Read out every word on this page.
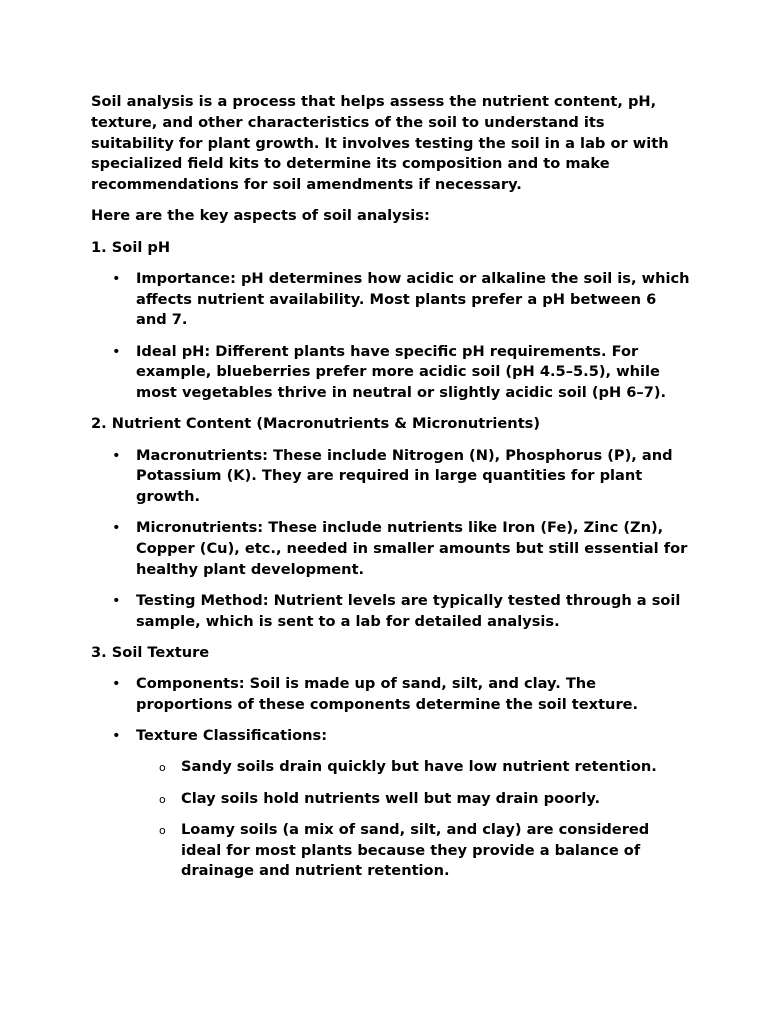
Soil analysis is a process that helps assess the nutrient content, pH, texture, and other characteristics of the soil to understand its suitability for plant growth. It involves testing the soil in a lab or with specialized field kits to determine its composition and to make recommendations for soil amendments if necessary.

Here are the key aspects of soil analysis:

1. Soil pH

• Importance: pH determines how acidic or alkaline the soil is, which affects nutrient availability. Most plants prefer a pH between 6 and 7.
• Ideal pH: Different plants have specific pH requirements. For example, blueberries prefer more acidic soil (pH 4.5–5.5), while most vegetables thrive in neutral or slightly acidic soil (pH 6–7).

2. Nutrient Content (Macronutrients & Micronutrients)

• Macronutrients: These include Nitrogen (N), Phosphorus (P), and Potassium (K). They are required in large quantities for plant growth.
• Micronutrients: These include nutrients like Iron (Fe), Zinc (Zn), Copper (Cu), etc., needed in smaller amounts but still essential for healthy plant development.
• Testing Method: Nutrient levels are typically tested through a soil sample, which is sent to a lab for detailed analysis.

3. Soil Texture

• Components: Soil is made up of sand, silt, and clay. The proportions of these components determine the soil texture.
• Texture Classifications:
o Sandy soils drain quickly but have low nutrient retention.
o Clay soils hold nutrients well but may drain poorly.
o Loamy soils (a mix of sand, silt, and clay) are considered ideal for most plants because they provide a balance of drainage and nutrient retention.
